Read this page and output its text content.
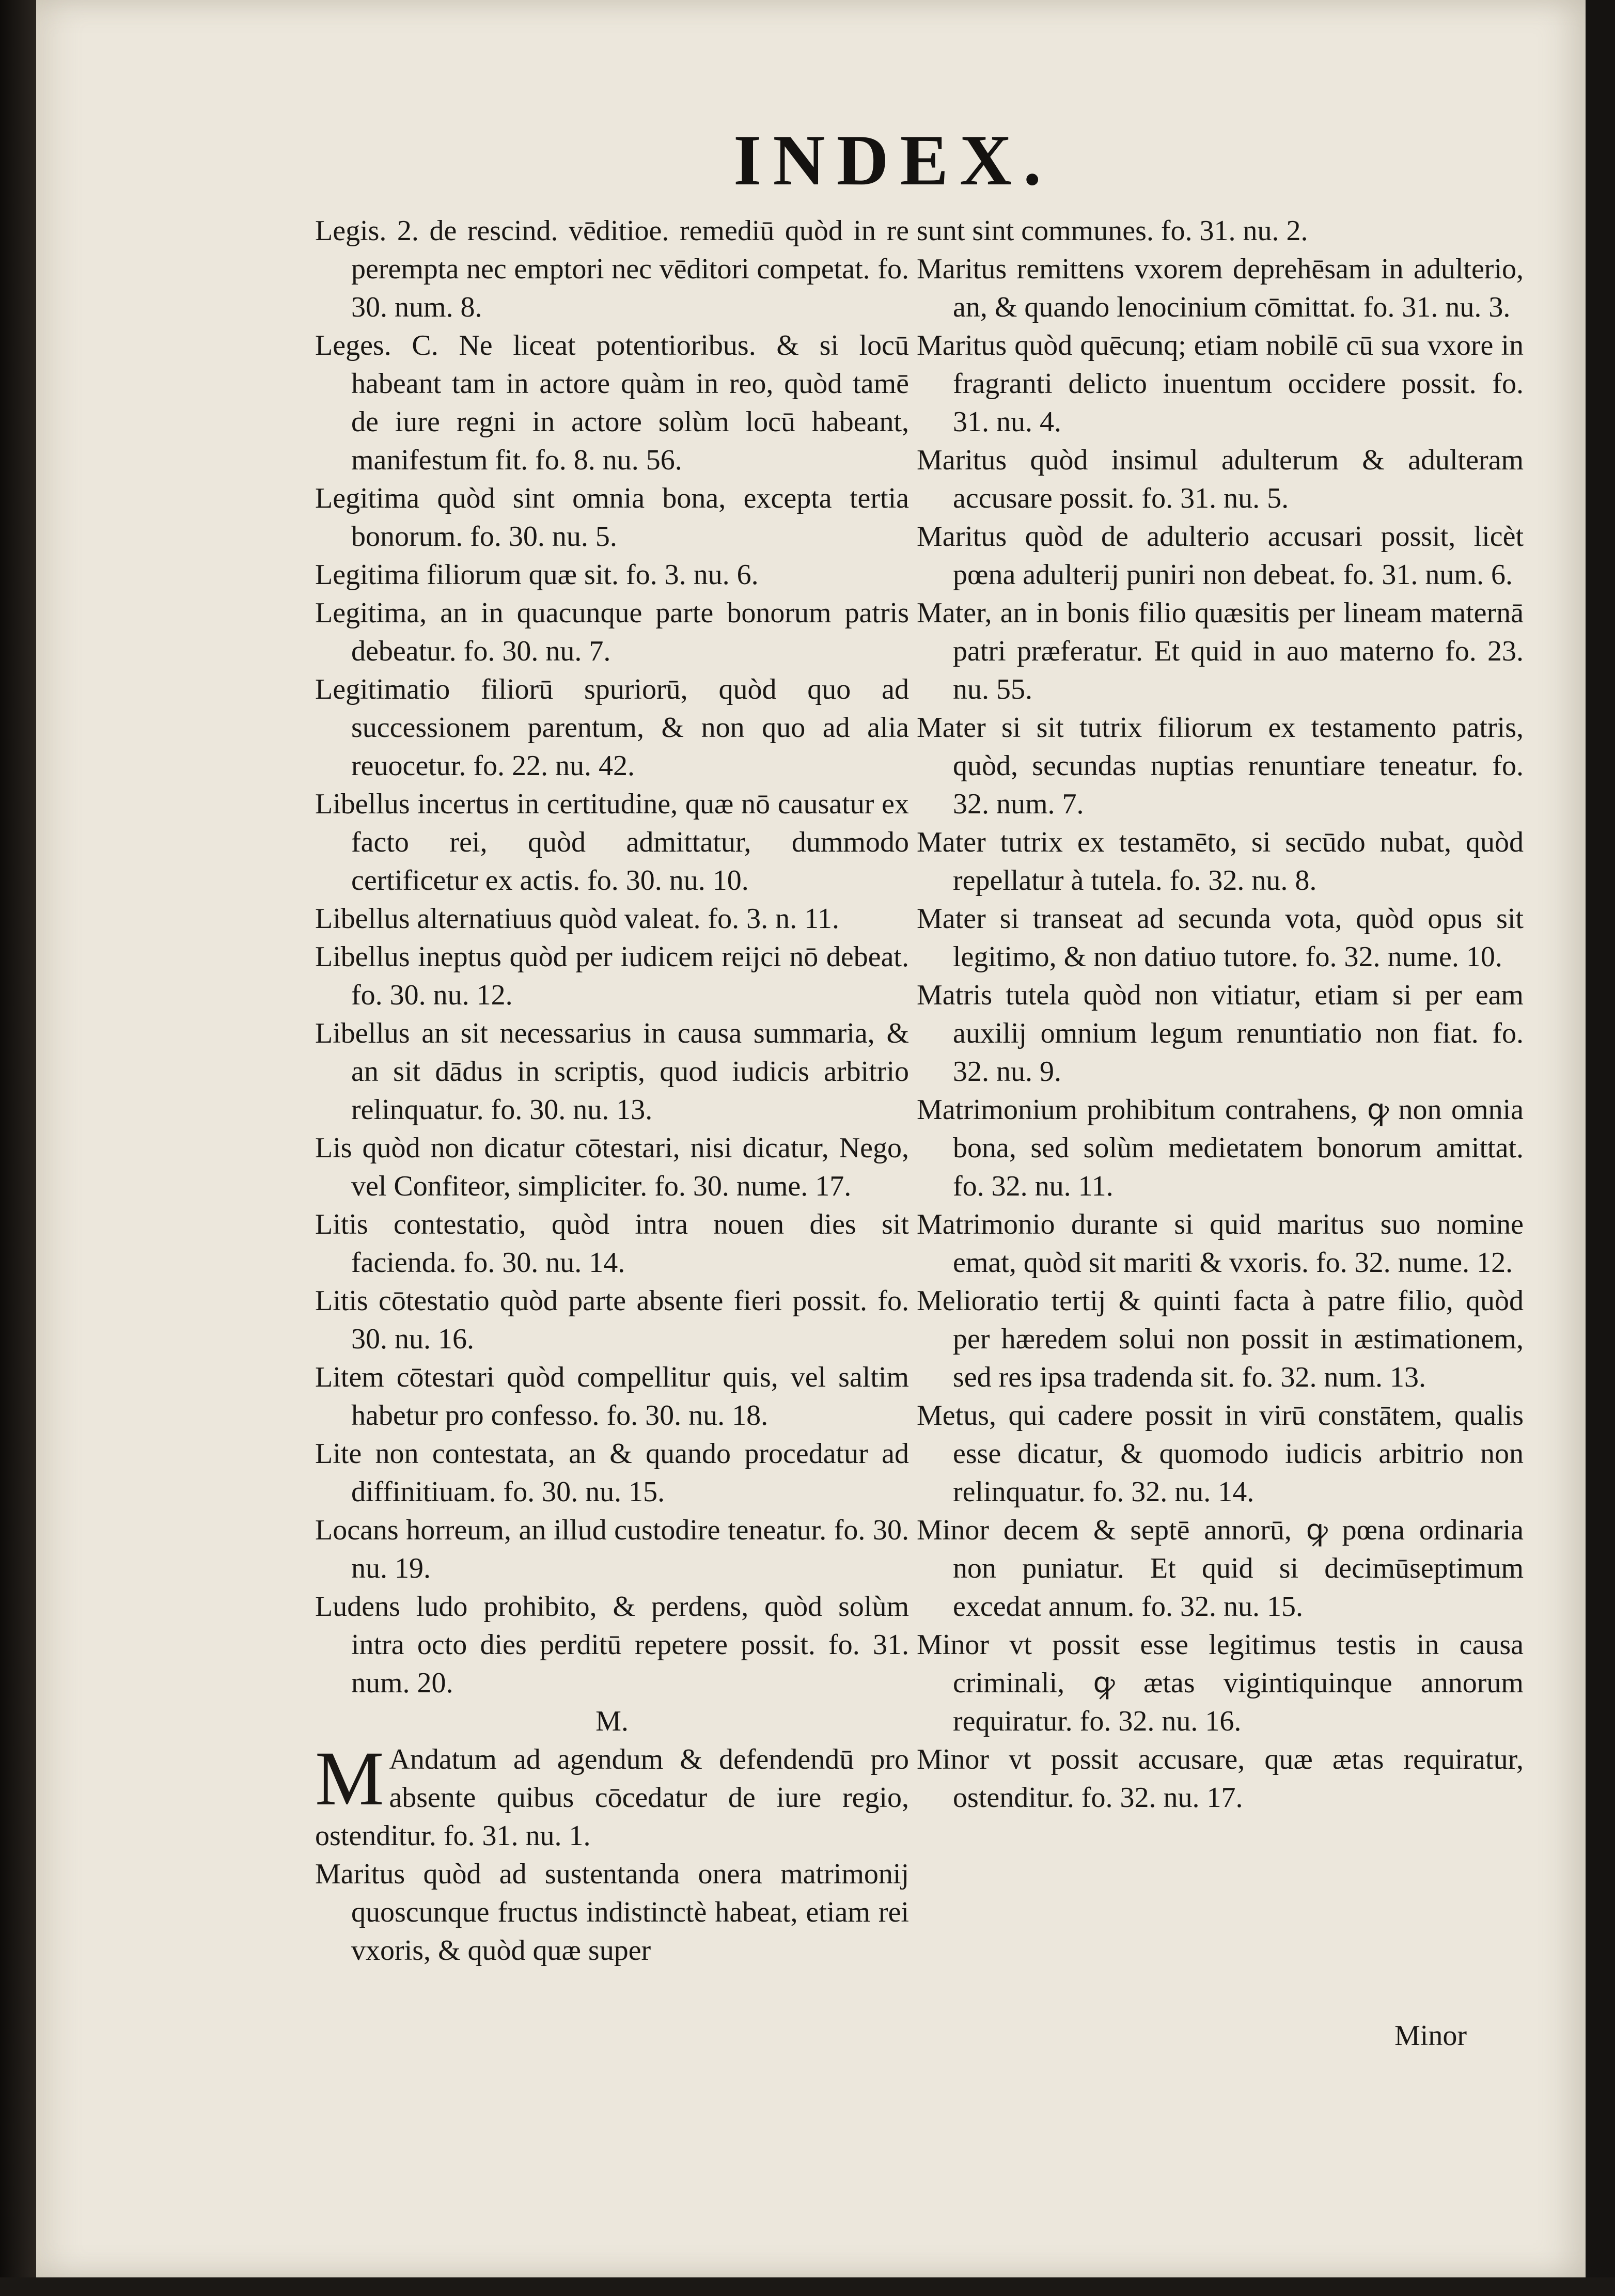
INDEX.

Legis. 2. de rescind. vēditioe. remediū quòd in re perempta nec emptori nec vēditori competat. fo. 30. num. 8.

Leges. C. Ne liceat potentioribus. & si locū habeant tam in actore quàm in reo, quòd tamē de iure regni in actore solùm locū habeant, manifestum fit. fo. 8. nu. 56.

Legitima quòd sint omnia bona, excepta tertia bonorum. fo. 30. nu. 5.

Legitima filiorum quæ sit. fo. 3. nu. 6.

Legitima, an in quacunque parte bonorum patris debeatur. fo. 30. nu. 7.

Legitimatio filiorū spuriorū, quòd quo ad successionem parentum, & non quo ad alia reuocetur. fo. 22. nu. 42.

Libellus incertus in certitudine, quæ nō causatur ex facto rei, quòd admittatur, dummodo certificetur ex actis. fo. 30. nu. 10.

Libellus alternatiuus quòd valeat. fo. 3. n. 11.

Libellus ineptus quòd per iudicem reijci nō debeat. fo. 30. nu. 12.

Libellus an sit necessarius in causa summaria, & an sit dādus in scriptis, quod iudicis arbitrio relinquatur. fo. 30. nu. 13.

Lis quòd non dicatur cōtestari, nisi dicatur, Nego, vel Confiteor, simpliciter. fo. 30. nume. 17.

Litis contestatio, quòd intra nouen dies sit facienda. fo. 30. nu. 14.

Litis cōtestatio quòd parte absente fieri possit. fo. 30. nu. 16.

Litem cōtestari quòd compellitur quis, vel saltim habetur pro confesso. fo. 30. nu. 18.

Lite non contestata, an & quando procedatur ad diffinitiuam. fo. 30. nu. 15.

Locans horreum, an illud custodire teneatur. fo. 30. nu. 19.

Ludens ludo prohibito, & perdens, quòd solùm intra octo dies perditū repetere possit. fo. 31. num. 20.

M.

M Andatum ad agendum & defendendū pro absente quibus cōcedatur de iure regio, ostenditur. fo. 31. nu. 1.

Maritus quòd ad sustentanda onera matrimonij quoscunque fructus indistinctè habeat, etiam rei vxoris, & quòd quæ super

sunt sint communes. fo. 31. nu. 2.

Maritus remittens vxorem deprehēsam in adulterio, an, & quando lenocinium cōmittat. fo. 31. nu. 3.

Maritus quòd quēcunq; etiam nobilē cū sua vxore in fragranti delicto inuentum occidere possit. fo. 31. nu. 4.

Maritus quòd insimul adulterum & adulteram accusare possit. fo. 31. nu. 5.

Maritus quòd de adulterio accusari possit, licèt pœna adulterij puniri non debeat. fo. 31. num. 6.

Mater, an in bonis filio quæsitis per lineam maternā patri præferatur. Et quid in auo materno fo. 23. nu. 55.

Mater si sit tutrix filiorum ex testamento patris, quòd, secundas nuptias renuntiare teneatur. fo. 32. num. 7.

Mater tutrix ex testamēto, si secūdo nubat, quòd repellatur à tutela. fo. 32. nu. 8.

Mater si transeat ad secunda vota, quòd opus sit legitimo, & non datiuo tutore. fo. 32. nume. 10.

Matris tutela quòd non vitiatur, etiam si per eam auxilij omnium legum renuntiatio non fiat. fo. 32. nu. 9.

Matrimonium prohibitum contrahens, ꝙ non omnia bona, sed solùm medietatem bonorum amittat. fo. 32. nu. 11.

Matrimonio durante si quid maritus suo nomine emat, quòd sit mariti & vxoris. fo. 32. nume. 12.

Melioratio tertij & quinti facta à patre filio, quòd per hæredem solui non possit in æstimationem, sed res ipsa tradenda sit. fo. 32. num. 13.

Metus, qui cadere possit in virū constātem, qualis esse dicatur, & quomodo iudicis arbitrio non relinquatur. fo. 32. nu. 14.

Minor decem & septē annorū, ꝙ pœna ordinaria non puniatur. Et quid si decimūseptimum excedat annum. fo. 32. nu. 15.

Minor vt possit esse legitimus testis in causa criminali, ꝙ ætas vigintiquinque annorum requiratur. fo. 32. nu. 16.

Minor vt possit accusare, quæ ætas requiratur, ostenditur. fo. 32. nu. 17.

Minor
